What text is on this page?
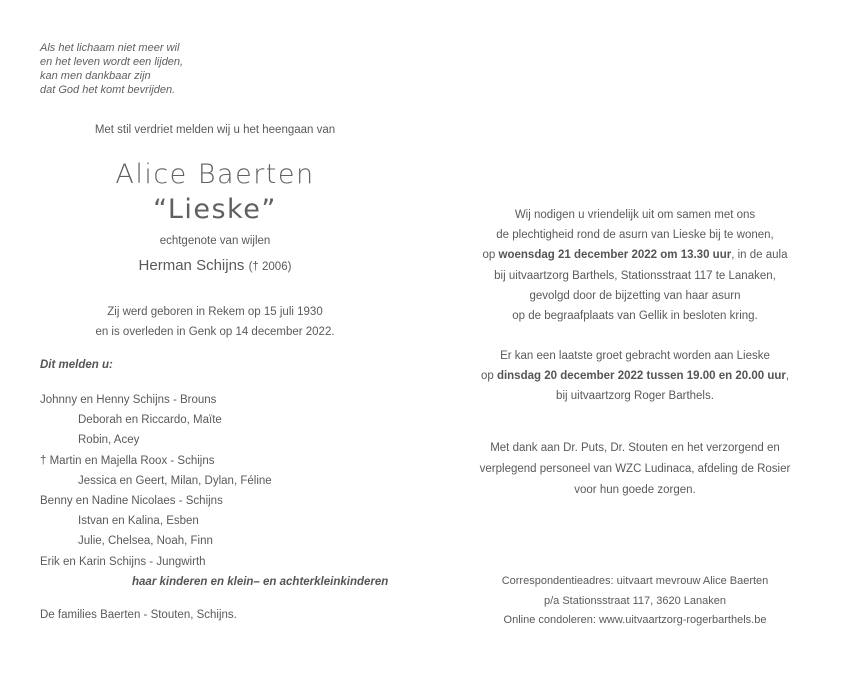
Als het lichaam niet meer wil
en het leven wordt een lijden,
kan men dankbaar zijn
dat God het komt bevrijden.
Met stil verdriet melden wij u het heengaan van
Alice Baerten
“Lieske”
echtgenote van wijlen
Herman Schijns († 2006)
Zij werd geboren in Rekem op 15 juli 1930
en is overleden in Genk op 14 december 2022.
Dit melden u:
Johnny en Henny Schijns - Brouns
Deborah en Riccardo, Maïte
Robin, Acey
† Martin en Majella Roox - Schijns
Jessica en Geert, Milan, Dylan, Féline
Benny en Nadine Nicolaes - Schijns
Istvan en Kalina, Esben
Julie, Chelsea, Noah, Finn
Erik en Karin Schijns - Jungwirth
haar kinderen en klein– en achterkleinkinderen
De families Baerten - Stouten, Schijns.
Wij nodigen u vriendelijk uit om samen met ons
de plechtigheid rond de asurn van Lieske bij te wonen,
op woensdag 21 december 2022 om 13.30 uur, in de aula
bij uitvaartzorg Barthels, Stationsstraat 117 te Lanaken,
gevolgd door de bijzetting van haar asurn
op de begraafplaats van Gellik in besloten kring.
Er kan een laatste groet gebracht worden aan Lieske
op dinsdag 20 december 2022 tussen 19.00 en 20.00 uur,
bij uitvaartzorg Roger Barthels.
Met dank aan Dr. Puts, Dr. Stouten en het verzorgend en
verplegend personeel van WZC Ludinaca, afdeling de Rosier
voor hun goede zorgen.
Correspondentieadres: uitvaart mevrouw Alice Baerten
p/a Stationsstraat 117, 3620 Lanaken
Online condoleren: www.uitvaartzorg-rogerbarthels.be
